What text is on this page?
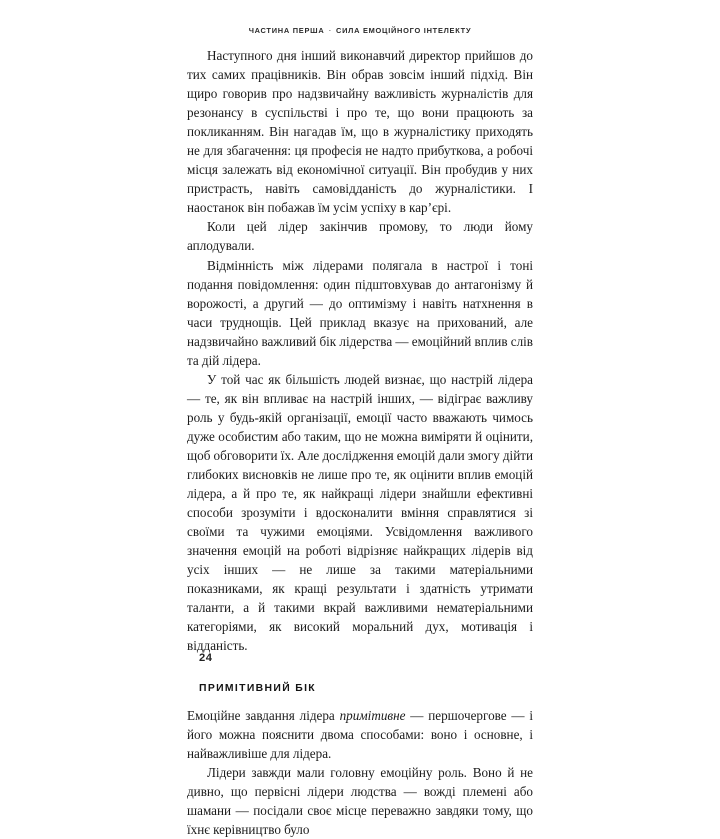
ЧАСТИНА ПЕРША · СИЛА ЕМОЦІЙНОГО ІНТЕЛЕКТУ

Наступного дня інший виконавчий директор прийшов до тих самих працівників. Він обрав зовсім інший підхід. Він щиро говорив про надзвичайну важливість журналістів для резонансу в суспільстві і про те, що вони працюють за покликанням. Він нагадав їм, що в журналістику приходять не для збагачення: ця професія не надто прибуткова, а робочі місця залежать від економічної ситуації. Він пробудив у них пристрасть, навіть самовідданість до журналістики. І наостанок він побажав їм усім успіху в кар’єрі.

Коли цей лідер закінчив промову, то люди йому аплодували.

Відмінність між лідерами полягала в настрої і тоні подання повідомлення: один підштовхував до антагонізму й ворожості, а другий — до оптимізму і навіть натхнення в часи труднощів. Цей приклад вказує на прихований, але надзвичайно важливий бік лідерства — емоційний вплив слів та дій лідера.

У той час як більшість людей визнає, що настрій лідера — те, як він впливає на настрій інших, — відіграє важливу роль у будь-якій організації, емоції часто вважають чимось дуже особистим або таким, що не можна виміряти й оцінити, щоб обговорити їх. Але дослідження емоцій дали змогу дійти глибоких висновків не лише про те, як оцінити вплив емоцій лідера, а й про те, як найкращі лідери знайшли ефективні способи зрозуміти і вдосконалити вміння справлятися зі своїми та чужими емоціями. Усвідомлення важливого значення емоцій на роботі відрізняє найкращих лідерів від усіх інших — не лише за такими матеріальними показниками, як кращі результати і здатність утримати таланти, а й такими вкрай важливими нематеріальними категоріями, як високий моральний дух, мотивація і відданість.

ПРИМІТИВНИЙ БІК

Емоційне завдання лідера примітивне — першочергове — і його можна пояснити двома способами: воно і основне, і найважливіше для лідера.

Лідери завжди мали головну емоційну роль. Воно й не дивно, що первісні лідери людства — вожді племені або шамани — посідали своє місце переважно завдяки тому, що їхнє керівництво було

24
